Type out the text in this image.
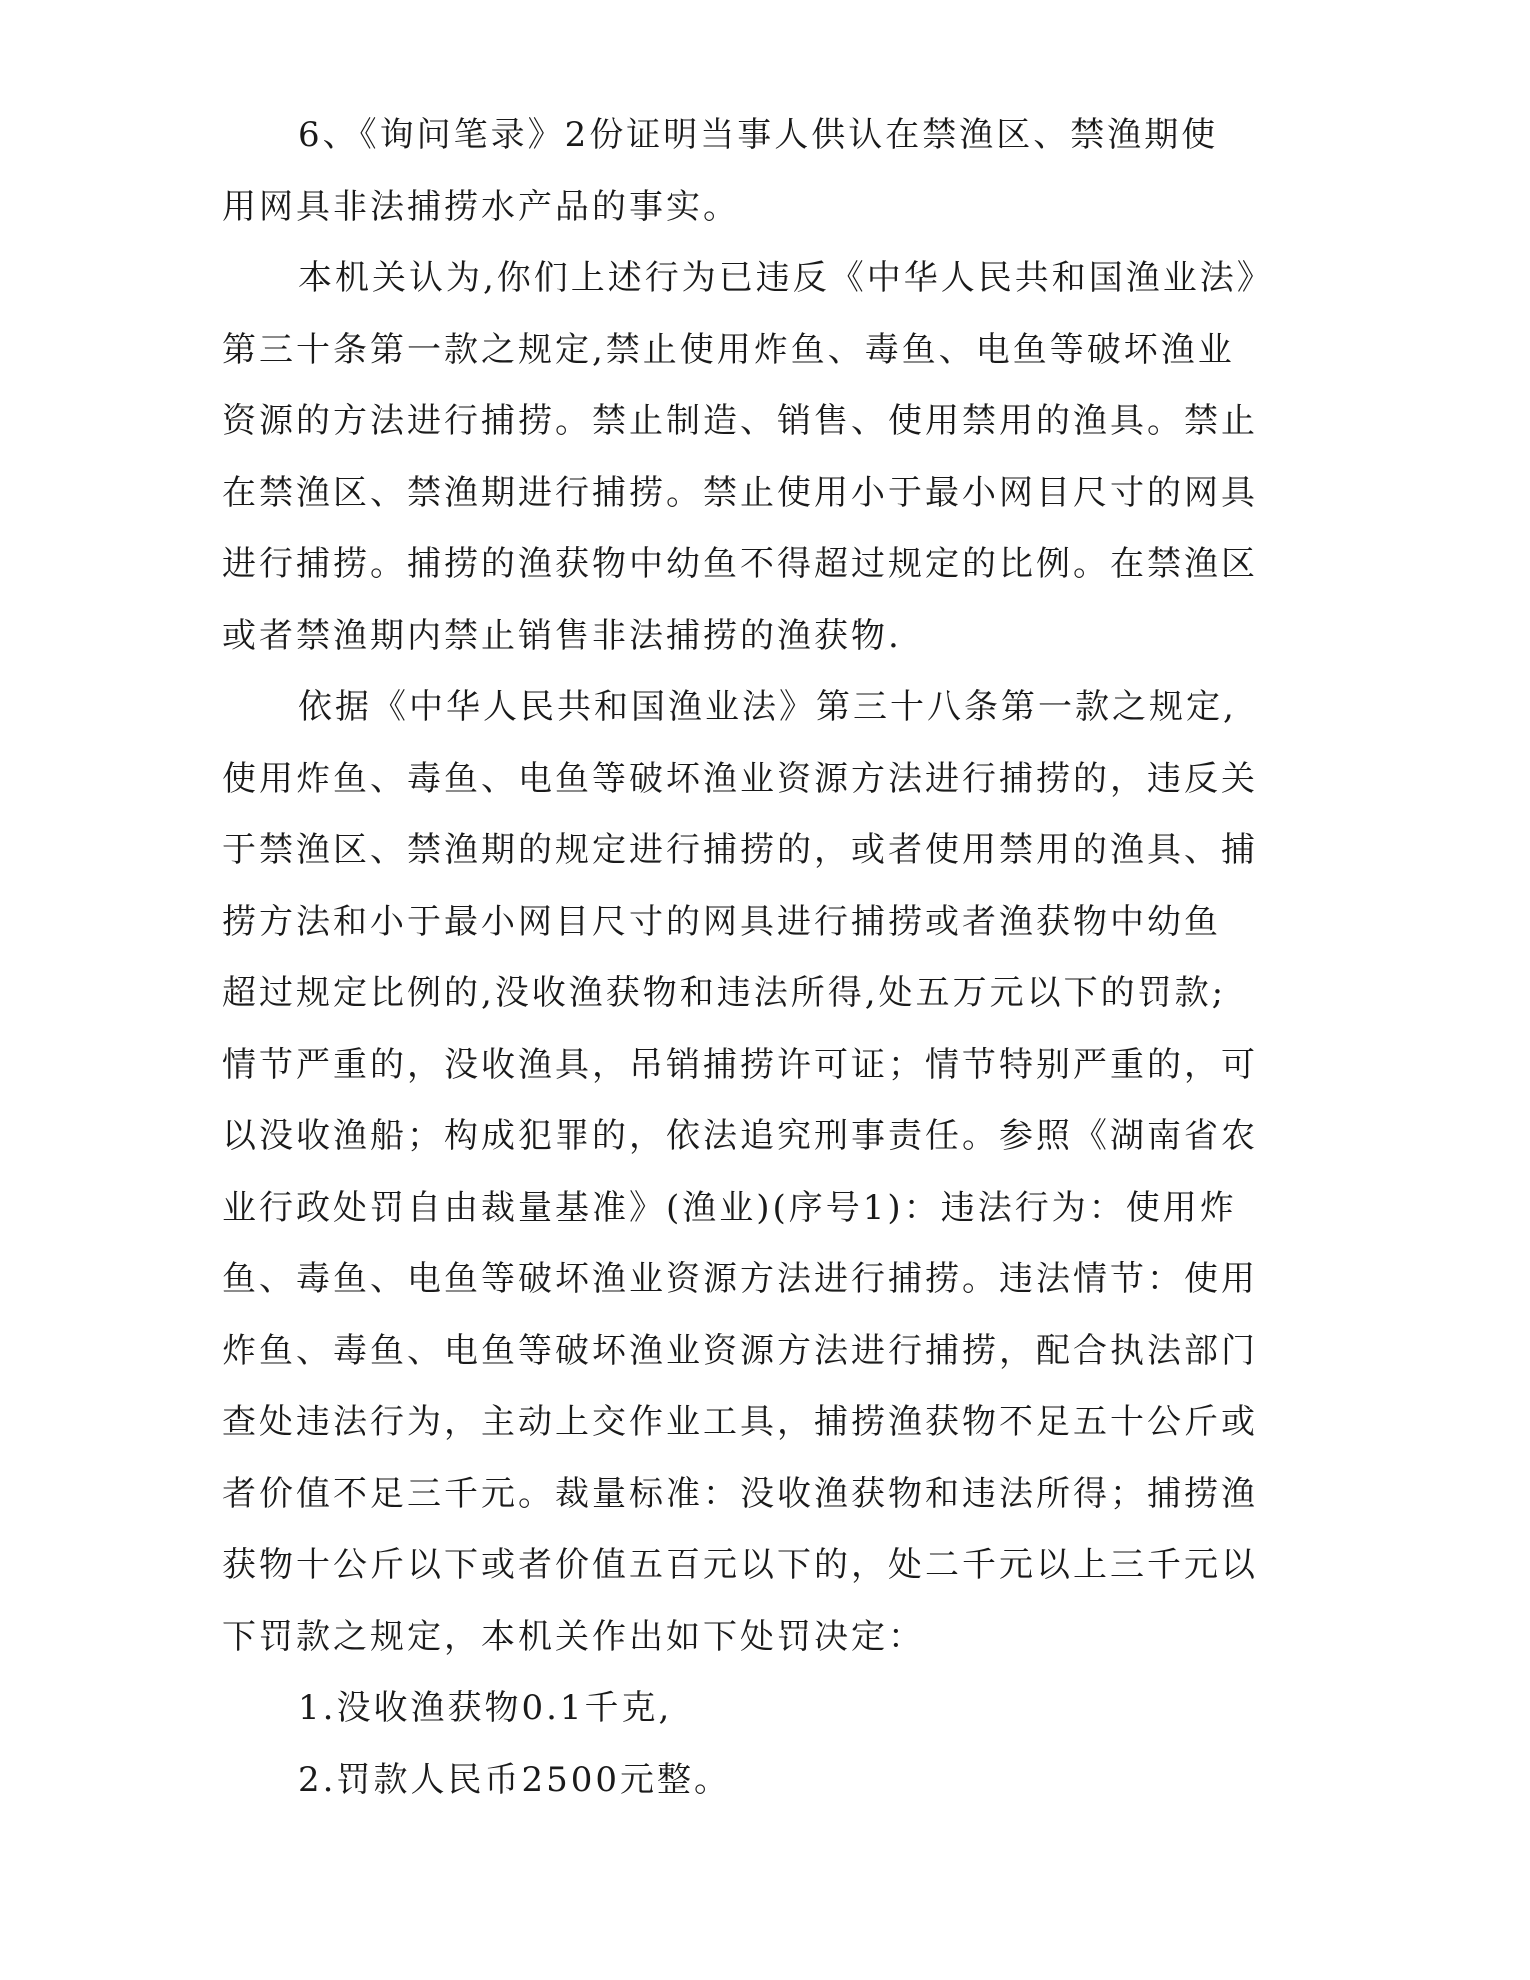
6、《询问笔录》2份证明当事人供认在禁渔区、禁渔期使
用网具非法捕捞水产品的事实。
本机关认为,你们上述行为已违反《中华人民共和国渔业法》
第三十条第一款之规定,禁止使用炸鱼、毒鱼、电鱼等破坏渔业
资源的方法进行捕捞。禁止制造、销售、使用禁用的渔具。禁止
在禁渔区、禁渔期进行捕捞。禁止使用小于最小网目尺寸的网具
进行捕捞。捕捞的渔获物中幼鱼不得超过规定的比例。在禁渔区
或者禁渔期内禁止销售非法捕捞的渔获物.
依据《中华人民共和国渔业法》第三十八条第一款之规定,
使用炸鱼、毒鱼、电鱼等破坏渔业资源方法进行捕捞的，违反关
于禁渔区、禁渔期的规定进行捕捞的，或者使用禁用的渔具、捕
捞方法和小于最小网目尺寸的网具进行捕捞或者渔获物中幼鱼
超过规定比例的,没收渔获物和违法所得,处五万元以下的罚款;
情节严重的，没收渔具，吊销捕捞许可证；情节特别严重的，可
以没收渔船；构成犯罪的，依法追究刑事责任。参照《湖南省农
业行政处罚自由裁量基准》(渔业)(序号1)：违法行为：使用炸
鱼、毒鱼、电鱼等破坏渔业资源方法进行捕捞。违法情节：使用
炸鱼、毒鱼、电鱼等破坏渔业资源方法进行捕捞，配合执法部门
查处违法行为，主动上交作业工具，捕捞渔获物不足五十公斤或
者价值不足三千元。裁量标准：没收渔获物和违法所得；捕捞渔
获物十公斤以下或者价值五百元以下的，处二千元以上三千元以
下罚款之规定，本机关作出如下处罚决定：

1.没收渔获物0.1千克,

2.罚款人民币2500元整。
